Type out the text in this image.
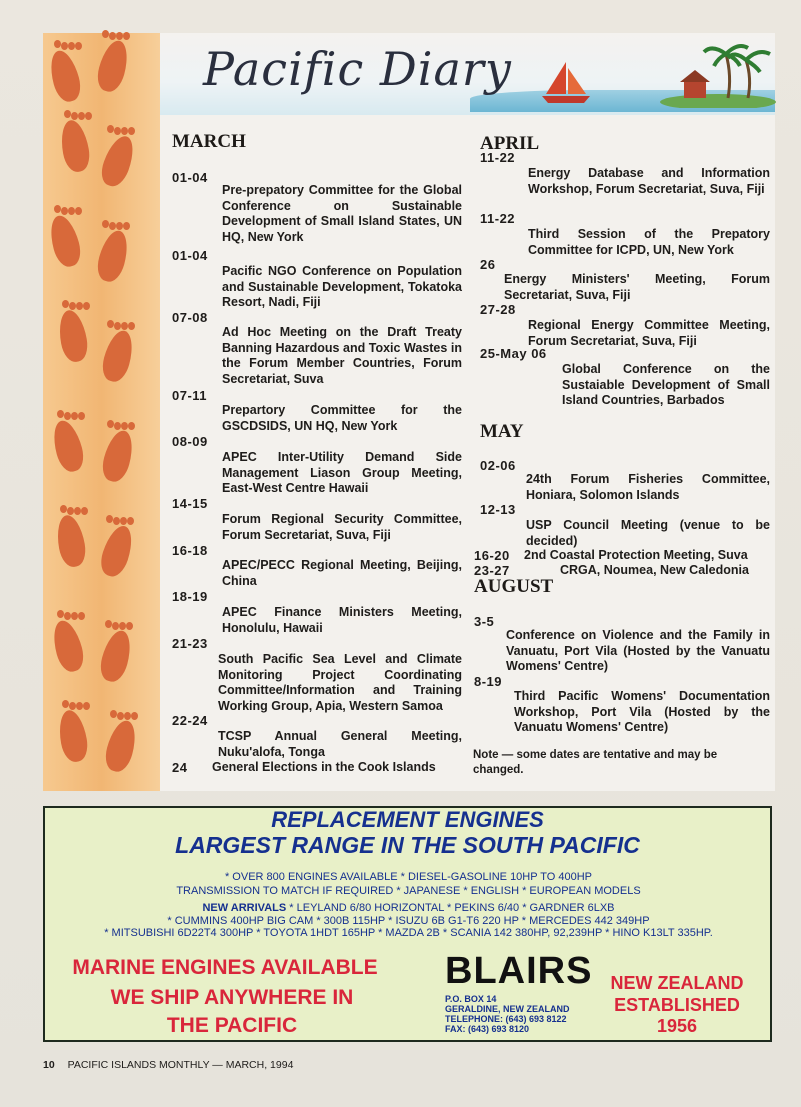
Pacific Diary
MARCH
01-04
Pre-prepatory Committee for the Global Conference on Sustainable Development of Small Island States, UN HQ, New York
01-04
Pacific NGO Conference on Population and Sustainable Development, Tokatoka Resort, Nadi, Fiji
07-08
Ad Hoc Meeting on the Draft Treaty Banning Hazardous and Toxic Wastes in the Forum Member Countries, Forum Secretariat, Suva
07-11
Prepartory Committee for the GSCDSIDS, UN HQ, New York
08-09
APEC Inter-Utility Demand Side Management Liason Group Meeting, East-West Centre Hawaii
14-15
Forum Regional Security Committee, Forum Secretariat, Suva, Fiji
16-18
APEC/PECC Regional Meeting, Beijing, China
18-19
APEC Finance Ministers Meeting, Honolulu, Hawaii
21-23
South Pacific Sea Level and Climate Monitoring Project Coordinating Committee/Information and Training Working Group, Apia, Western Samoa
22-24
TCSP Annual General Meeting, Nuku'alofa, Tonga
24 General Elections in the Cook Islands
APRIL
11-22
Energy Database and Information Workshop, Forum Secretariat, Suva, Fiji
11-22
Third Session of the Prepatory Committee for ICPD, UN, New York
26
Energy Ministers' Meeting, Forum Secretariat, Suva, Fiji
27-28
Regional Energy Committee Meeting, Forum Secretariat, Suva, Fiji
25-May 06
Global Conference on the Sustaiable Development of Small Island Countries, Barbados
MAY
02-06
24th Forum Fisheries Committee, Honiara, Solomon Islands
12-13
USP Council Meeting (venue to be decided)
16-20 2nd Coastal Protection Meeting, Suva
23-27	CRGA, Noumea, New Caledonia
AUGUST
3-5
Conference on Violence and the Family in Vanuatu, Port Vila (Hosted by the Vanuatu Womens' Centre)
8-19
Third Pacific Womens' Documentation Workshop, Port Vila (Hosted by the Vanuatu Womens' Centre)
Note — some dates are tentative and may be changed.
REPLACEMENT ENGINES
LARGEST RANGE IN THE SOUTH PACIFIC
* OVER 800 ENGINES AVAILABLE * DIESEL-GASOLINE 10HP TO 400HP
TRANSMISSION TO MATCH IF REQUIRED * JAPANESE * ENGLISH * EUROPEAN MODELS
NEW ARRIVALS * LEYLAND 6/80 HORIZONTAL * PEKINS 6/40 * GARDNER 6LXB
* CUMMINS 400HP BIG CAM * 300B 115HP * ISUZU 6B G1-T6 220 HP * MERCEDES 442 349HP
* MITSUBISHI 6D22T4 300HP * TOYOTA 1HDT 165HP * MAZDA 2B * SCANIA 142 380HP, 92,239HP * HINO K13LT 335HP.
MARINE ENGINES AVAILABLE
WE SHIP ANYWHERE IN
THE PACIFIC
BLAIRS
P.O. BOX 14
GERALDINE, NEW ZEALAND
TELEPHONE: (643) 693 8122
FAX: (643) 693 8120
NEW ZEALAND
ESTABLISHED 1956
10 PACIFIC ISLANDS MONTHLY — MARCH, 1994
